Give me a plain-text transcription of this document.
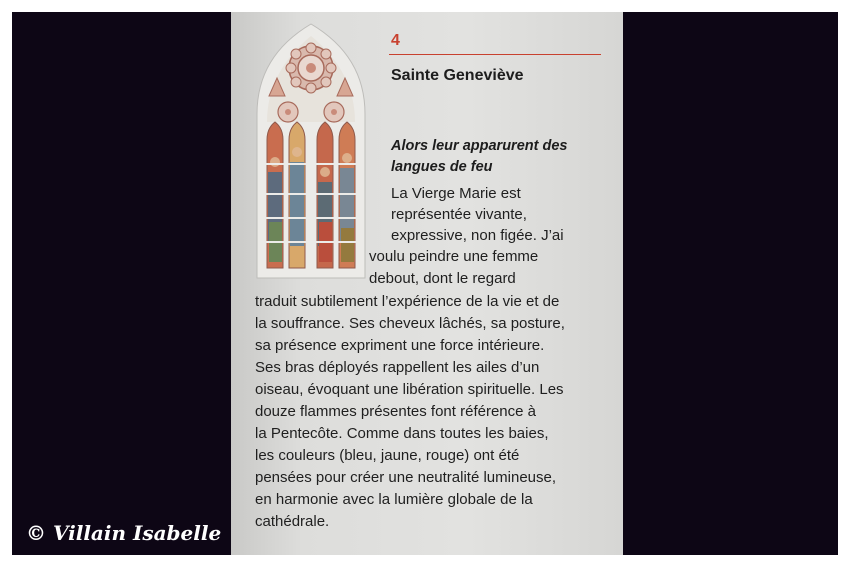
4
Sainte Geneviève
Alors leur apparurent des langues de feu
La Vierge Marie est
représentée vivante,
expressive, non figée. J’ai
voulu peindre une femme
debout, dont le regard
traduit subtilement l’expérience de la vie et de
la souffrance. Ses cheveux lâchés, sa posture,
sa présence expriment une force intérieure.
Ses bras déployés rappellent les ailes d’un
oiseau, évoquant une libération spirituelle. Les
douze flammes présentes font référence à
la Pentecôte. Comme dans toutes les baies,
les couleurs (bleu, jaune, rouge) ont été
pensées pour créer une neutralité lumineuse,
en harmonie avec la lumière globale de la
cathédrale.
© Villain Isabelle
